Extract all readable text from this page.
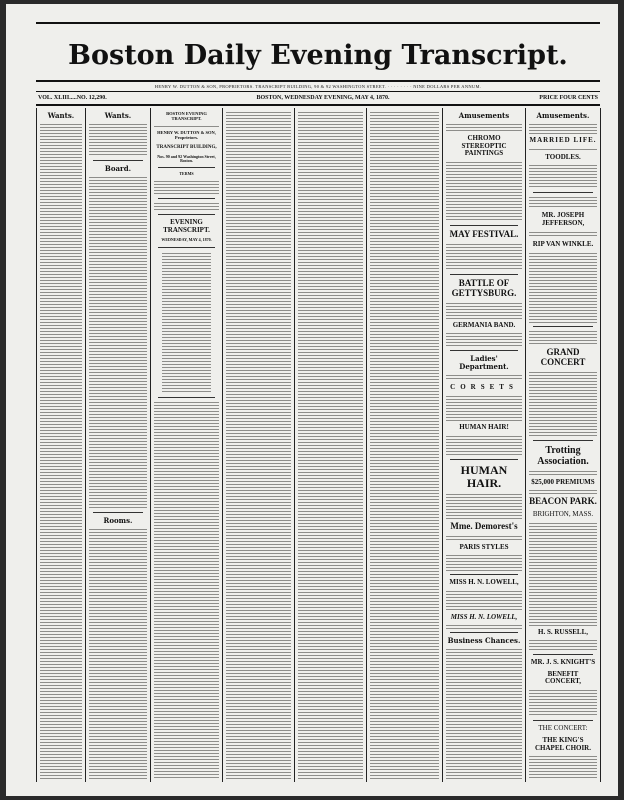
Boston Daily Evening Transcript.
HENRY W. DUTTON & SON, PROPRIETORS. TRANSCRIPT BUILDING, 90 & 92 WASHINGTON STREET. · · · · · · · · NINE DOLLARS PER ANNUM.
VOL. XLIII.....NO. 12,290.	BOSTON, WEDNESDAY EVENING, MAY 4, 1870.	PRICE FOUR CENTS
Wants.	Wants.
Board.
Rooms.
BOSTON EVENING TRANSCRIPT.
HENRY W. DUTTON & SON, Proprietors.
TRANSCRIPT BUILDING,
Nos. 90 and 92 Washington Street, Boston.
TERMS
EVENING TRANSCRIPT.
WEDNESDAY, MAY 4, 1870.
Amusements
CHROMO STEREOPTIC PAINTINGS
MAY FESTIVAL.
BATTLE OF GETTYSBURG.
GERMANIA BAND.
Ladies' Department.
CORSETS
HUMAN HAIR!
HUMAN HAIR.
Mme. Demorest's
PARIS STYLES
MISS H. N. LOWELL,
MISS H. N. LOWELL,
Business Chances.
Amusements.
MARRIED LIFE.
TOODLES.
MR. JOSEPH JEFFERSON,
RIP VAN WINKLE.
GRAND CONCERT
Trotting Association.
$25,000 PREMIUMS
BEACON PARK.
BRIGHTON, MASS.
H. S. RUSSELL,
MR. J. S. KNIGHT'S
BENEFIT CONCERT,
THE CONCERT:
THE KING'S CHAPEL CHOIR.
